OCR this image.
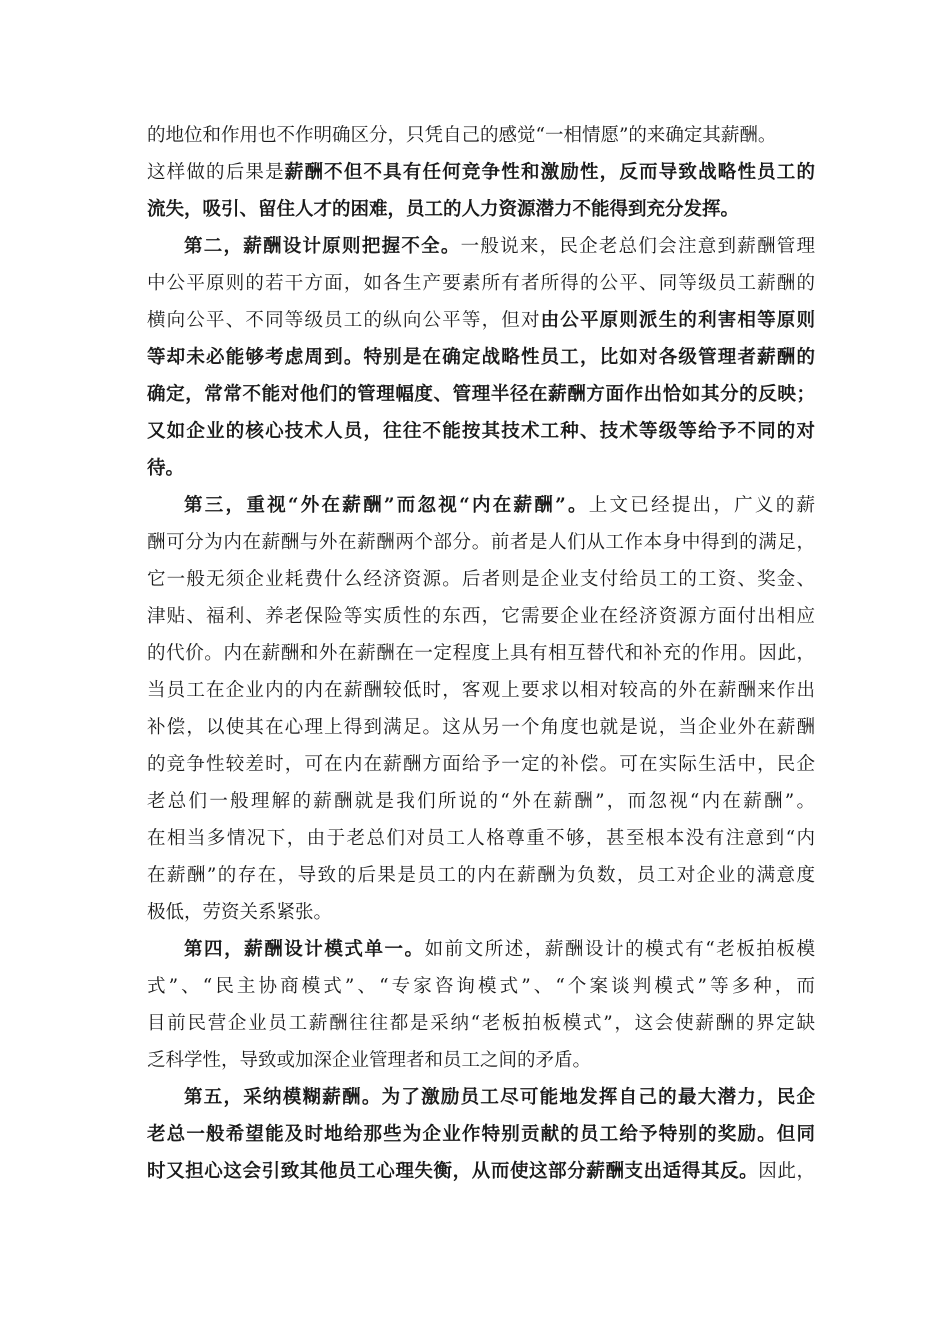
的地位和作用也不作明确区分，只凭自己的感觉“一相情愿”的来确定其薪酬。
这样做的后果是薪酬不但不具有任何竞争性和激励性，反而导致战略性员工的
流失，吸引、留住人才的困难，员工的人力资源潜力不能得到充分发挥。
第二，薪酬设计原则把握不全。一般说来，民企老总们会注意到薪酬管理
中公平原则的若干方面，如各生产要素所有者所得的公平、同等级员工薪酬的
横向公平、不同等级员工的纵向公平等，但对由公平原则派生的利害相等原则
等却未必能够考虑周到。特别是在确定战略性员工，比如对各级管理者薪酬的
确定，常常不能对他们的管理幅度、管理半径在薪酬方面作出恰如其分的反映；
又如企业的核心技术人员，往往不能按其技术工种、技术等级等给予不同的对
待。
第三，重视“外在薪酬”而忽视“内在薪酬”。上文已经提出，广义的薪
酬可分为内在薪酬与外在薪酬两个部分。前者是人们从工作本身中得到的满足，
它一般无须企业耗费什么经济资源。后者则是企业支付给员工的工资、奖金、
津贴、福利、养老保险等实质性的东西，它需要企业在经济资源方面付出相应
的代价。内在薪酬和外在薪酬在一定程度上具有相互替代和补充的作用。因此，
当员工在企业内的内在薪酬较低时，客观上要求以相对较高的外在薪酬来作出
补偿，以使其在心理上得到满足。这从另一个角度也就是说，当企业外在薪酬
的竞争性较差时，可在内在薪酬方面给予一定的补偿。可在实际生活中，民企
老总们一般理解的薪酬就是我们所说的“外在薪酬”，而忽视“内在薪酬”。
在相当多情况下，由于老总们对员工人格尊重不够，甚至根本没有注意到“内
在薪酬”的存在，导致的后果是员工的内在薪酬为负数，员工对企业的满意度
极低，劳资关系紧张。
第四，薪酬设计模式单一。如前文所述，薪酬设计的模式有“老板拍板模
式”、“民主协商模式”、“专家咨询模式”、“个案谈判模式”等多种，而
目前民营企业员工薪酬往往都是采纳“老板拍板模式”，这会使薪酬的界定缺
乏科学性，导致或加深企业管理者和员工之间的矛盾。
第五，采纳模糊薪酬。为了激励员工尽可能地发挥自己的最大潜力，民企
老总一般希望能及时地给那些为企业作特别贡献的员工给予特别的奖励。但同
时又担心这会引致其他员工心理失衡，从而使这部分薪酬支出适得其反。因此，
